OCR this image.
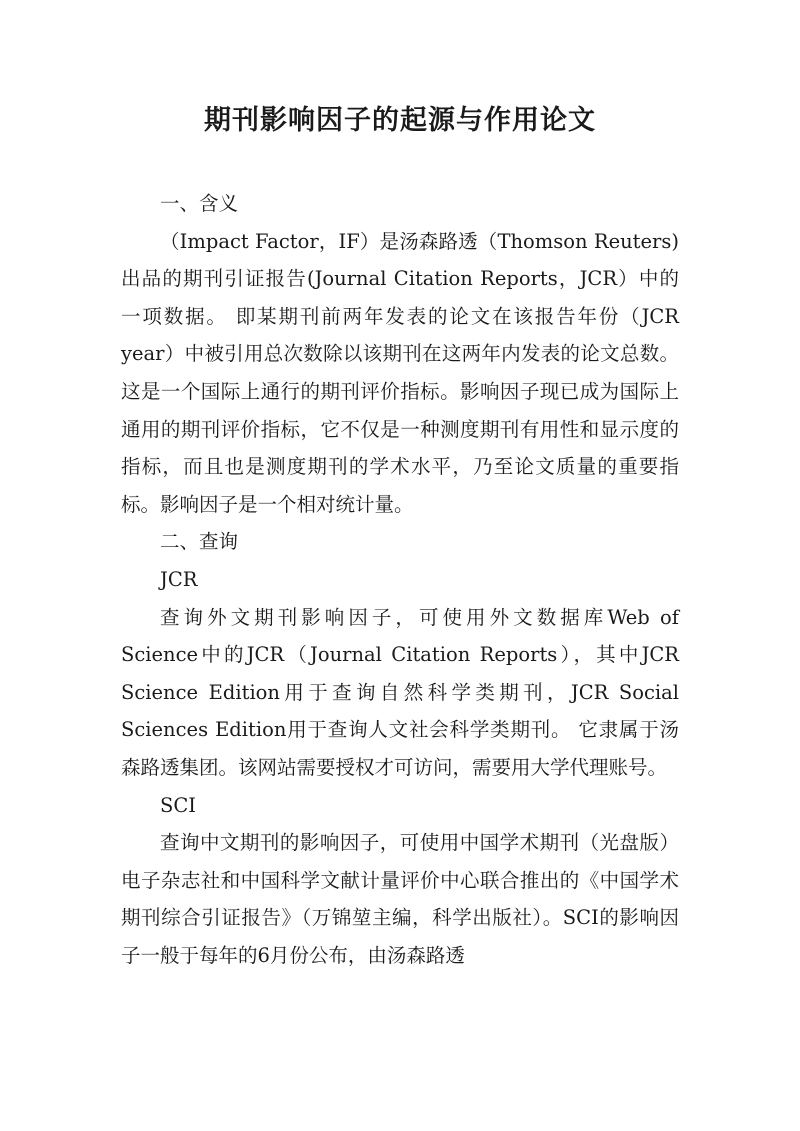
期刊影响因子的起源与作用论文

一、含义

（Impact Factor，IF）是汤森路透（Thomson Reuters)出品的期刊引证报告(Journal Citation Reports，JCR）中的一项数据。 即某期刊前两年发表的论文在该报告年份（JCR year）中被引用总次数除以该期刊在这两年内发表的论文总数。这是一个国际上通行的期刊评价指标。影响因子现已成为国际上通用的期刊评价指标，它不仅是一种测度期刊有用性和显示度的指标，而且也是测度期刊的学术水平，乃至论文质量的重要指标。影响因子是一个相对统计量。

二、查询

JCR

查询外文期刊影响因子，可使用外文数据库Web of Science中的JCR（Journal Citation Reports），其中JCR Science Edition用于查询自然科学类期刊，JCR Social Sciences Edition用于查询人文社会科学类期刊。 它隶属于汤森路透集团。该网站需要授权才可访问，需要用大学代理账号。

SCI

查询中文期刊的影响因子，可使用中国学术期刊（光盘版）电子杂志社和中国科学文献计量评价中心联合推出的《中国学术期刊综合引证报告》（万锦堃主编，科学出版社）。SCI的影响因子一般于每年的6月份公布，由汤森路透
